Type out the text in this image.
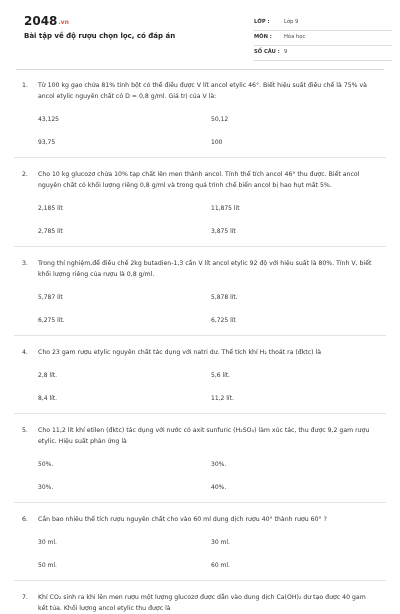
2048.vn
Bài tập về độ rượu chọn lọc, có đáp án
LỚP :	Lớp 9
MÔN : Hóa học
SỐ CÂU : 9
1. Từ 100 kg gạo chứa 81% tinh bột có thể điều được V lít ancol etylic 46°. Biết hiệu suất điều chế là 75% và ancol etylic nguyên chất có D = 0,8 g/ml. Giá trị của V là:
43,125	50,12
93,75	100
2. Cho 10 kg glucozơ chứa 10% tạp chất lên men thành ancol. Tính thể tích ancol 46° thu được. Biết ancol nguyên chất có khối lượng riêng 0,8 g/ml và trong quá trình chế biến ancol bị hao hụt mất 5%.
2,185 lít	11,875 lít
2,785 lít	3,875 lít
3. Trong thí nghiệm,để điều chế 2kg butadien-1,3 cần V lít ancol etylic 92 độ với hiệu suất là 80%. Tính V, biết khối lượng riêng của rượu là 0,8 g/ml.
5,787 lít	5,878 lít.
6,275 lít.	6,725 lít
4. Cho 23 gam rượu etylic nguyên chất tác dụng với natri dư. Thể tích khí H₂ thoát ra (đktc) là
2,8 lít.	5,6 lít.
8,4 lít.	11,2 lít.
5. Cho 11,2 lít khí etilen (đktc) tác dụng với nước có axit sunfuric (H₂SO₄) làm xúc tác, thu được 9,2 gam rượu etylic. Hiệu suất phản ứng là
50%.	30%.
30%.	40%.
6. Cần bao nhiêu thể tích rượu nguyên chất cho vào 60 ml dung dịch rượu 40° thành rượu 60° ?
30 ml.	30 ml.
50 ml.	60 ml.
7. Khí CO₂ sinh ra khi lên men rượu một lượng glucozơ được dẫn vào dung dịch Ca(OH)₂ dư tạo được 40 gam kết tủa. Khối lượng ancol etylic thu được là
